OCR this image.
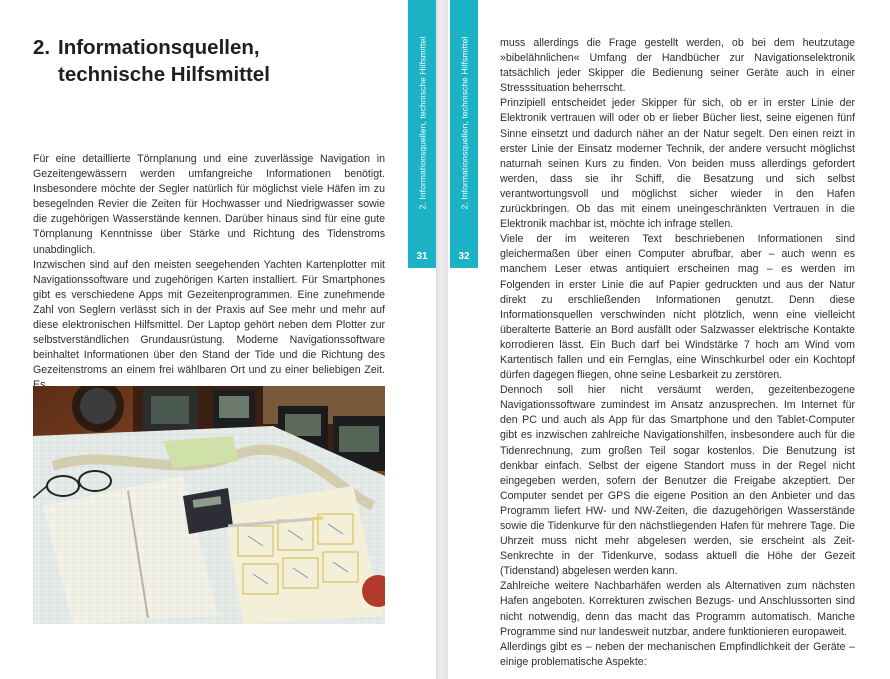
2. Informationsquellen,
technische Hilfsmittel

Für eine detaillierte Törnplanung und eine zuverlässige Navigation in Gezeitengewässern werden umfangreiche Informationen benötigt. Insbesondere möchte der Segler natürlich für möglichst viele Häfen im zu besegelnden Revier die Zeiten für Hochwasser und Niedrigwasser sowie die zugehörigen Wasserstände kennen. Darüber hinaus sind für eine gute Törnplanung Kenntnisse über Stärke und Richtung des Tidenstroms unabdinglich.

Inzwischen sind auf den meisten seegehenden Yachten Kartenplotter mit Navigationssoftware und zugehörigen Karten installiert. Für Smartphones gibt es verschiedene Apps mit Gezeitenprogrammen. Eine zunehmende Zahl von Seglern verlässt sich in der Praxis auf See mehr und mehr auf diese elektronischen Hilfsmittel. Der Laptop gehört neben dem Plotter zur selbstverständlichen Grundausrüstung. Moderne Navigationssoftware beinhaltet Informationen über den Stand der Tide und die Richtung des Gezeitenstroms an einem frei wählbaren Ort und zu einer beliebigen Zeit.

2. Informationsquellen, technische Hilfsmittel
31
2. Informationsquellen, technische Hilfsmittel
32

muss allerdings die Frage gestellt werden, ob bei dem heutzutage »bibelähnlichen« Umfang der Handbücher zur Navigationselektronik tatsächlich jeder Skipper die Bedienung seiner Geräte auch in einer Stresssituation beherrscht.

Prinzipiell entscheidet jeder Skipper für sich, ob er in erster Linie der Elektronik vertrauen will oder ob er lieber Bücher liest, seine eigenen fünf Sinne einsetzt und dadurch näher an der Natur segelt. Den einen reizt in erster Linie der Einsatz moderner Technik, der andere versucht möglichst naturnah seinen Kurs zu finden. Von beiden muss allerdings gefordert werden, dass sie ihr Schiff, die Besatzung und sich selbst verantwortungsvoll und möglichst sicher wieder in den Hafen zurückbringen. Ob das mit einem uneingeschränkten Vertrauen in die Elektronik machbar ist, möchte ich infrage stellen.

Viele der im weiteren Text beschriebenen Informationen sind gleichermaßen über einen Computer abrufbar, aber – auch wenn es manchem Leser etwas antiquiert erscheinen mag – es werden im Folgenden in erster Linie die auf Papier gedruckten und aus der Natur direkt zu erschließenden Informationen genutzt. Denn diese Informationsquellen verschwinden nicht plötzlich, wenn eine vielleicht überalterte Batterie an Bord ausfällt oder Salzwasser elektrische Kontakte korrodieren lässt. Ein Buch darf bei Windstärke 7 hoch am Wind vom Kartentisch fallen und ein Fernglas, eine Winschkurbel oder ein Kochtopf dürfen dagegen fliegen, ohne seine Lesbarkeit zu zerstören.

Dennoch soll hier nicht versäumt werden, gezeitenbezogene Navigationssoftware zumindest im Ansatz anzusprechen. Im Internet für den PC und auch als App für das Smartphone und den Tablet-Computer gibt es inzwischen zahlreiche Navigationshilfen, insbesondere auch für die Tidenrechnung, zum großen Teil sogar kostenlos. Die Benutzung ist denkbar einfach. Selbst der eigene Standort muss in der Regel nicht eingegeben werden, sofern der Benutzer die Freigabe akzeptiert. Der Computer sendet per GPS die eigene Position an den Anbieter und das Programm liefert HW- und NW-Zeiten, die dazugehörigen Wasserstände sowie die Tidenkurve für den nächstliegenden Hafen für mehrere Tage. Die Uhrzeit muss nicht mehr abgelesen werden, sie erscheint als Zeit-Senkrechte in der Tidenkurve, sodass aktuell die Höhe der Gezeit (Tidenstand) abgelesen werden kann.

Zahlreiche weitere Nachbarhäfen werden als Alternativen zum nächsten Hafen angeboten. Korrekturen zwischen Bezugs- und Anschlussorten sind nicht notwendig, denn das macht das Programm automatisch. Manche Programme sind nur landesweit nutzbar, andere funktionieren europaweit.

Allerdings gibt es – neben der mechanischen Empfindlichkeit der Geräte – einige problematische Aspekte:
